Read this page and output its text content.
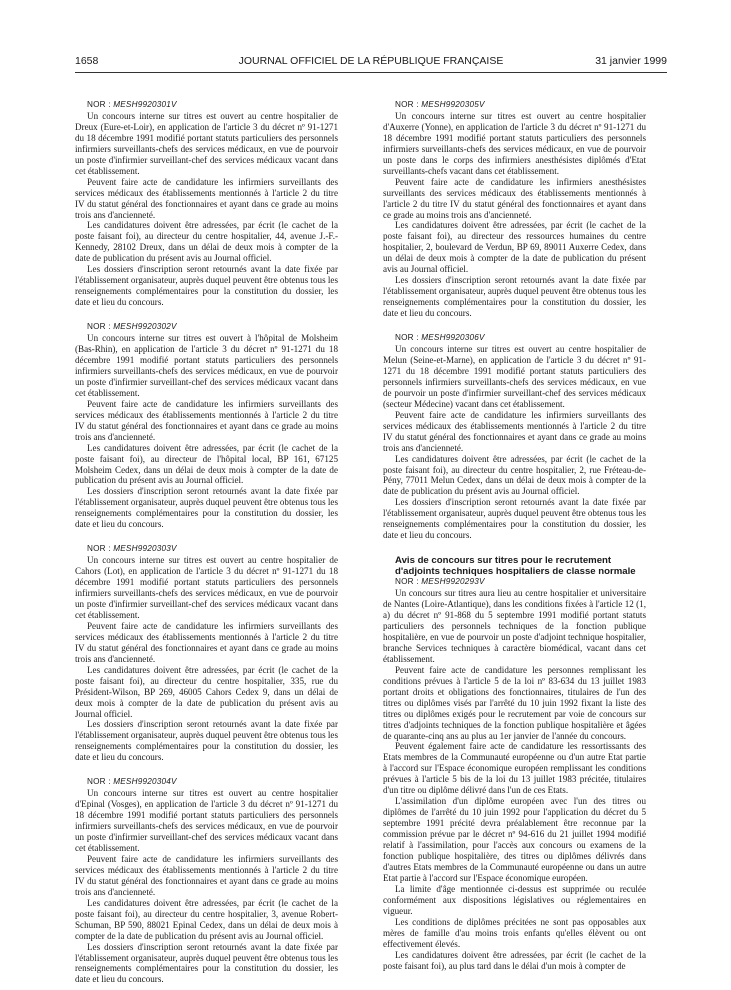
1658	JOURNAL OFFICIEL DE LA RÉPUBLIQUE FRANÇAISE	31 janvier 1999

NOR : MESH9920301V

Un concours interne sur titres est ouvert au centre hospitalier de Dreux (Eure-et-Loir), en application de l'article 3 du décret nº 91-1271 du 18 décembre 1991 modifié portant statuts particuliers des personnels infirmiers surveillants-chefs des services médicaux, en vue de pourvoir un poste d'infirmier surveillant-chef des services médicaux vacant dans cet établissement.

Peuvent faire acte de candidature les infirmiers surveillants des services médicaux des établissements mentionnés à l'article 2 du titre IV du statut général des fonctionnaires et ayant dans ce grade au moins trois ans d'ancienneté.

Les candidatures doivent être adressées, par écrit (le cachet de la poste faisant foi), au directeur du centre hospitalier, 44, avenue J.-F.-Kennedy, 28102 Dreux, dans un délai de deux mois à compter de la date de publication du présent avis au Journal officiel.

Les dossiers d'inscription seront retournés avant la date fixée par l'établissement organisateur, auprès duquel peuvent être obtenus tous les renseignements complémentaires pour la constitution du dossier, les date et lieu du concours.

NOR : MESH9920302V

Un concours interne sur titres est ouvert à l'hôpital de Molsheim (Bas-Rhin), en application de l'article 3 du décret nº 91-1271 du 18 décembre 1991 modifié portant statuts particuliers des personnels infirmiers surveillants-chefs des services médicaux, en vue de pourvoir un poste d'infirmier surveillant-chef des services médicaux vacant dans cet établissement.

Peuvent faire acte de candidature les infirmiers surveillants des services médicaux des établissements mentionnés à l'article 2 du titre IV du statut général des fonctionnaires et ayant dans ce grade au moins trois ans d'ancienneté.

Les candidatures doivent être adressées, par écrit (le cachet de la poste faisant foi), au directeur de l'hôpital local, BP 161, 67125 Molsheim Cedex, dans un délai de deux mois à compter de la date de publication du présent avis au Journal officiel.

Les dossiers d'inscription seront retournés avant la date fixée par l'établissement organisateur, auprès duquel peuvent être obtenus tous les renseignements complémentaires pour la constitution du dossier, les date et lieu du concours.

NOR : MESH9920303V

Un concours interne sur titres est ouvert au centre hospitalier de Cahors (Lot), en application de l'article 3 du décret nº 91-1271 du 18 décembre 1991 modifié portant statuts particuliers des personnels infirmiers surveillants-chefs des services médicaux, en vue de pourvoir un poste d'infirmier surveillant-chef des services médicaux vacant dans cet établissement.

Peuvent faire acte de candidature les infirmiers surveillants des services médicaux des établissements mentionnés à l'article 2 du titre IV du statut général des fonctionnaires et ayant dans ce grade au moins trois ans d'ancienneté.

Les candidatures doivent être adressées, par écrit (le cachet de la poste faisant foi), au directeur du centre hospitalier, 335, rue du Président-Wilson, BP 269, 46005 Cahors Cedex 9, dans un délai de deux mois à compter de la date de publication du présent avis au Journal officiel.

Les dossiers d'inscription seront retournés avant la date fixée par l'établissement organisateur, auprès duquel peuvent être obtenus tous les renseignements complémentaires pour la constitution du dossier, les date et lieu du concours.

NOR : MESH9920304V

Un concours interne sur titres est ouvert au centre hospitalier d'Epinal (Vosges), en application de l'article 3 du décret nº 91-1271 du 18 décembre 1991 modifié portant statuts particuliers des personnels infirmiers surveillants-chefs des services médicaux, en vue de pourvoir un poste d'infirmier surveillant-chef des services médicaux vacant dans cet établissement.

Peuvent faire acte de candidature les infirmiers surveillants des services médicaux des établissements mentionnés à l'article 2 du titre IV du statut général des fonctionnaires et ayant dans ce grade au moins trois ans d'ancienneté.

Les candidatures doivent être adressées, par écrit (le cachet de la poste faisant foi), au directeur du centre hospitalier, 3, avenue Robert-Schuman, BP 590, 88021 Epinal Cedex, dans un délai de deux mois à compter de la date de publication du présent avis au Journal officiel.

Les dossiers d'inscription seront retournés avant la date fixée par l'établissement organisateur, auprès duquel peuvent être obtenus tous les renseignements complémentaires pour la constitution du dossier, les date et lieu du concours.

NOR : MESH9920305V

Un concours interne sur titres est ouvert au centre hospitalier d'Auxerre (Yonne), en application de l'article 3 du décret nº 91-1271 du 18 décembre 1991 modifié portant statuts particuliers des personnels infirmiers surveillants-chefs des services médicaux, en vue de pourvoir un poste dans le corps des infirmiers anesthésistes diplômés d'Etat surveillants-chefs vacant dans cet établissement.

Peuvent faire acte de candidature les infirmiers anesthésistes surveillants des services médicaux des établissements mentionnés à l'article 2 du titre IV du statut général des fonctionnaires et ayant dans ce grade au moins trois ans d'ancienneté.

Les candidatures doivent être adressées, par écrit (le cachet de la poste faisant foi), au directeur des ressources humaines du centre hospitalier, 2, boulevard de Verdun, BP 69, 89011 Auxerre Cedex, dans un délai de deux mois à compter de la date de publication du présent avis au Journal officiel.

Les dossiers d'inscription seront retournés avant la date fixée par l'établissement organisateur, auprès duquel peuvent être obtenus tous les renseignements complémentaires pour la constitution du dossier, les date et lieu du concours.

NOR : MESH9920306V

Un concours interne sur titres est ouvert au centre hospitalier de Melun (Seine-et-Marne), en application de l'article 3 du décret nº 91-1271 du 18 décembre 1991 modifié portant statuts particuliers des personnels infirmiers surveillants-chefs des services médicaux, en vue de pourvoir un poste d'infirmier surveillant-chef des services médicaux (secteur Médecine) vacant dans cet établissement.

Peuvent faire acte de candidature les infirmiers surveillants des services médicaux des établissements mentionnés à l'article 2 du titre IV du statut général des fonctionnaires et ayant dans ce grade au moins trois ans d'ancienneté.

Les candidatures doivent être adressées, par écrit (le cachet de la poste faisant foi), au directeur du centre hospitalier, 2, rue Fréteau-de-Pény, 77011 Melun Cedex, dans un délai de deux mois à compter de la date de publication du présent avis au Journal officiel.

Les dossiers d'inscription seront retournés avant la date fixée par l'établissement organisateur, auprès duquel peuvent être obtenus tous les renseignements complémentaires pour la constitution du dossier, les date et lieu du concours.

Avis de concours sur titres pour le recrutement

d'adjoints techniques hospitaliers de classe normale

NOR : MESH9920293V

Un concours sur titres aura lieu au centre hospitalier et universitaire de Nantes (Loire-Atlantique), dans les conditions fixées à l'article 12 (1, a) du décret nº 91-868 du 5 septembre 1991 modifié portant statuts particuliers des personnels techniques de la fonction publique hospitalière, en vue de pourvoir un poste d'adjoint technique hospitalier, branche Services techniques à caractère biomédical, vacant dans cet établissement.

Peuvent faire acte de candidature les personnes remplissant les conditions prévues à l'article 5 de la loi nº 83-634 du 13 juillet 1983 portant droits et obligations des fonctionnaires, titulaires de l'un des titres ou diplômes visés par l'arrêté du 10 juin 1992 fixant la liste des titres ou diplômes exigés pour le recrutement par voie de concours sur titres d'adjoints techniques de la fonction publique hospitalière et âgées de quarante-cinq ans au plus au 1er janvier de l'année du concours.

Peuvent également faire acte de candidature les ressortissants des Etats membres de la Communauté européenne ou d'un autre Etat partie à l'accord sur l'Espace économique européen remplissant les conditions prévues à l'article 5 bis de la loi du 13 juillet 1983 précitée, titulaires d'un titre ou diplôme délivré dans l'un de ces Etats.

L'assimilation d'un diplôme européen avec l'un des titres ou diplômes de l'arrêté du 10 juin 1992 pour l'application du décret du 5 septembre 1991 précité devra préalablement être reconnue par la commission prévue par le décret nº 94-616 du 21 juillet 1994 modifié relatif à l'assimilation, pour l'accès aux concours ou examens de la fonction publique hospitalière, des titres ou diplômes délivrés dans d'autres Etats membres de la Communauté européenne ou dans un autre Etat partie à l'accord sur l'Espace économique européen.

La limite d'âge mentionnée ci-dessus est supprimée ou reculée conformément aux dispositions législatives ou réglementaires en vigueur.

Les conditions de diplômes précitées ne sont pas opposables aux mères de famille d'au moins trois enfants qu'elles élèvent ou ont effectivement élevés.

Les candidatures doivent être adressées, par écrit (le cachet de la poste faisant foi), au plus tard dans le délai d'un mois à compter de
